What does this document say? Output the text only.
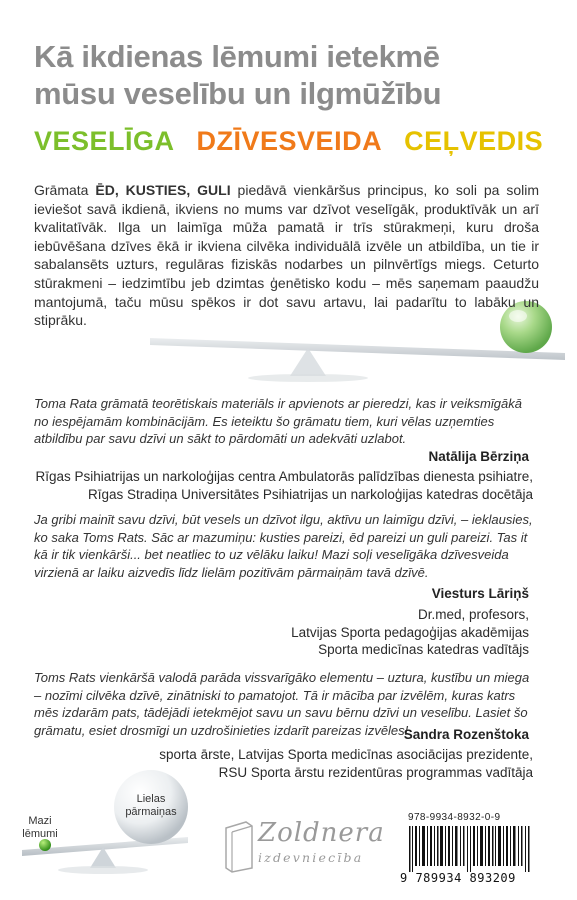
Kā ikdienas lēmumi ietekmē
mūsu veselību un ilgmūžību
VESELĪGA DZĪVESVEIDA CEĻVEDIS
Grāmata ĒD, KUSTIES, GULI piedāvā vienkāršus principus, ko soli pa solim ieviešot savā ikdienā, ikviens no mums var dzīvot veselīgāk, produktīvāk un arī kvalitatīvāk. Ilga un laimīga mūža pamatā ir trīs stūrakmeņi, kuru droša iebūvēšana dzīves ēkā ir ikviena cilvēka individuālā izvēle un atbildība, un tie ir sabalansēts uzturs, regulāras fiziskās nodarbes un pilnvērtīgs miegs. Ceturto stūrakmeni – iedzimtību jeb dzimtas ģenētisko kodu – mēs saņemam paaudžu mantojumā, taču mūsu spēkos ir dot savu artavu, lai padarītu to labāku un stiprāku.
Toma Rata grāmatā teorētiskais materiāls ir apvienots ar pieredzi, kas ir veiksmīgākā no iespējamām kombinācijām. Es ieteiktu šo grāmatu tiem, kuri vēlas uzņemties atbildību par savu dzīvi un sākt to pārdomāti un adekvāti uzlabot.
Natālija Bērziņa
Rīgas Psihiatrijas un narkoloģijas centra Ambulatorās palīdzības dienesta psihiatre,
Rīgas Stradiņa Universitātes Psihiatrijas un narkoloģijas katedras docētāja
Ja gribi mainīt savu dzīvi, būt vesels un dzīvot ilgu, aktīvu un laimīgu dzīvi, – ieklausies, ko saka Toms Rats. Sāc ar mazumiņu: kusties pareizi, ēd pareizi un guli pareizi. Tas it kā ir tik vienkārši... bet neatliec to uz vēlāku laiku! Mazi soļi veselīgāka dzīvesveida virzienā ar laiku aizvedīs līdz lielām pozitīvām pārmaiņām tavā dzīvē.
Viesturs Lāriņš
Dr.med, profesors,
Latvijas Sporta pedagoģijas akadēmijas
Sporta medicīnas katedras vadītājs
Toms Rats vienkāršā valodā parāda vissvarīgāko elementu – uztura, kustību un miega – nozīmi cilvēka dzīvē, zinātniski to pamatojot. Tā ir mācība par izvēlēm, kuras katrs mēs izdarām pats, tādējādi ietekmējot savu un savu bērnu dzīvi un veselību. Lasiet šo grāmatu, esiet drosmīgi un uzdrošinieties izdarīt pareizas izvēles!
Sandra Rozenštoka
sporta ārste, Latvijas Sporta medicīnas asociācijas prezidente,
RSU Sporta ārstu rezidentūras programmas vadītāja
Lielas
pārmaiņas
Mazi
lēmumi	Zoldnera
izdevniecība
978-9934-8932-0-9
9 789934 893209
